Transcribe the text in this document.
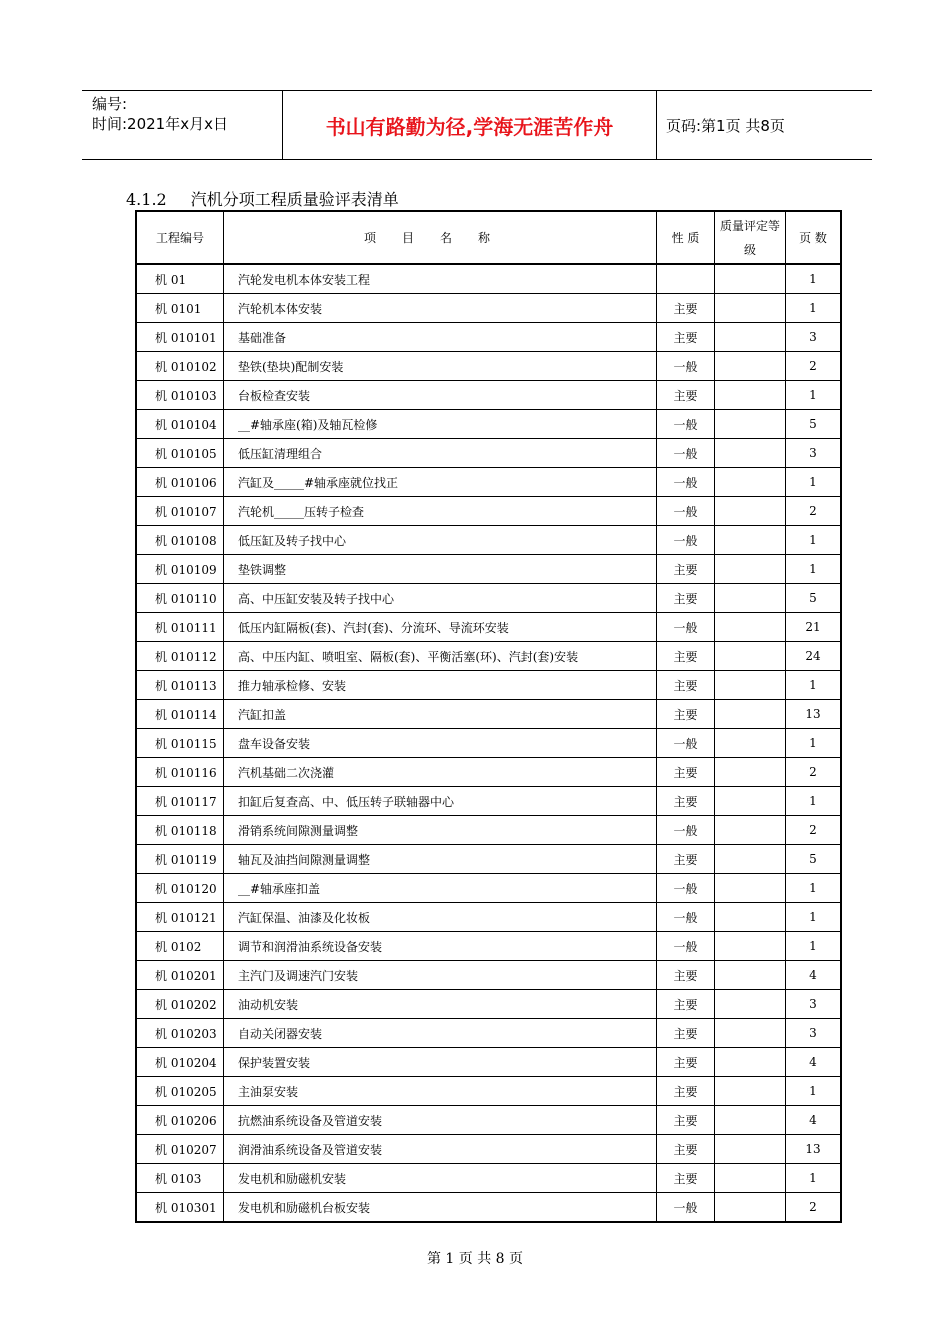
编号:
时间:2021年x月x日	书山有路勤为径,学海无涯苦作舟	页码:第1页 共8页
4.1.2 汽机分项工程质量验评表清单
工程编号	项目名称	性 质	质量评定等级	页 数
机 01	汽轮发电机本体安装工程			1
机 0101	汽轮机本体安装	主要		1
机 010101	基础准备	主要		3
机 010102	垫铁(垫块)配制安装	一般		2
机 010103	台板检查安装	主要		1
机 010104	__#轴承座(箱)及轴瓦检修	一般		5
机 010105	低压缸清理组合	一般		3
机 010106	汽缸及_____#轴承座就位找正	一般		1
机 010107	汽轮机_____压转子检查	一般		2
机 010108	低压缸及转子找中心	一般		1
机 010109	垫铁调整	主要		1
机 010110	高、中压缸安装及转子找中心	主要		5
机 010111	低压内缸隔板(套)、汽封(套)、分流环、导流环安装	一般		21
机 010112	高、中压内缸、喷咀室、隔板(套)、平衡活塞(环)、汽封(套)安装	主要		24
机 010113	推力轴承检修、安装	主要		1
机 010114	汽缸扣盖	主要		13
机 010115	盘车设备安装	一般		1
机 010116	汽机基础二次浇灌	主要		2
机 010117	扣缸后复查高、中、低压转子联轴器中心	主要		1
机 010118	滑销系统间隙测量调整	一般		2
机 010119	轴瓦及油挡间隙测量调整	主要		5
机 010120	__#轴承座扣盖	一般		1
机 010121	汽缸保温、油漆及化妆板	一般		1
机 0102	调节和润滑油系统设备安装	一般		1
机 010201	主汽门及调速汽门安装	主要		4
机 010202	油动机安装	主要		3
机 010203	自动关闭器安装	主要		3
机 010204	保护装置安装	主要		4
机 010205	主油泵安装	主要		1
机 010206	抗燃油系统设备及管道安装	主要		4
机 010207	润滑油系统设备及管道安装	主要		13
机 0103	发电机和励磁机安装	主要		1
机 010301	发电机和励磁机台板安装	一般		2
第 1 页 共 8 页
